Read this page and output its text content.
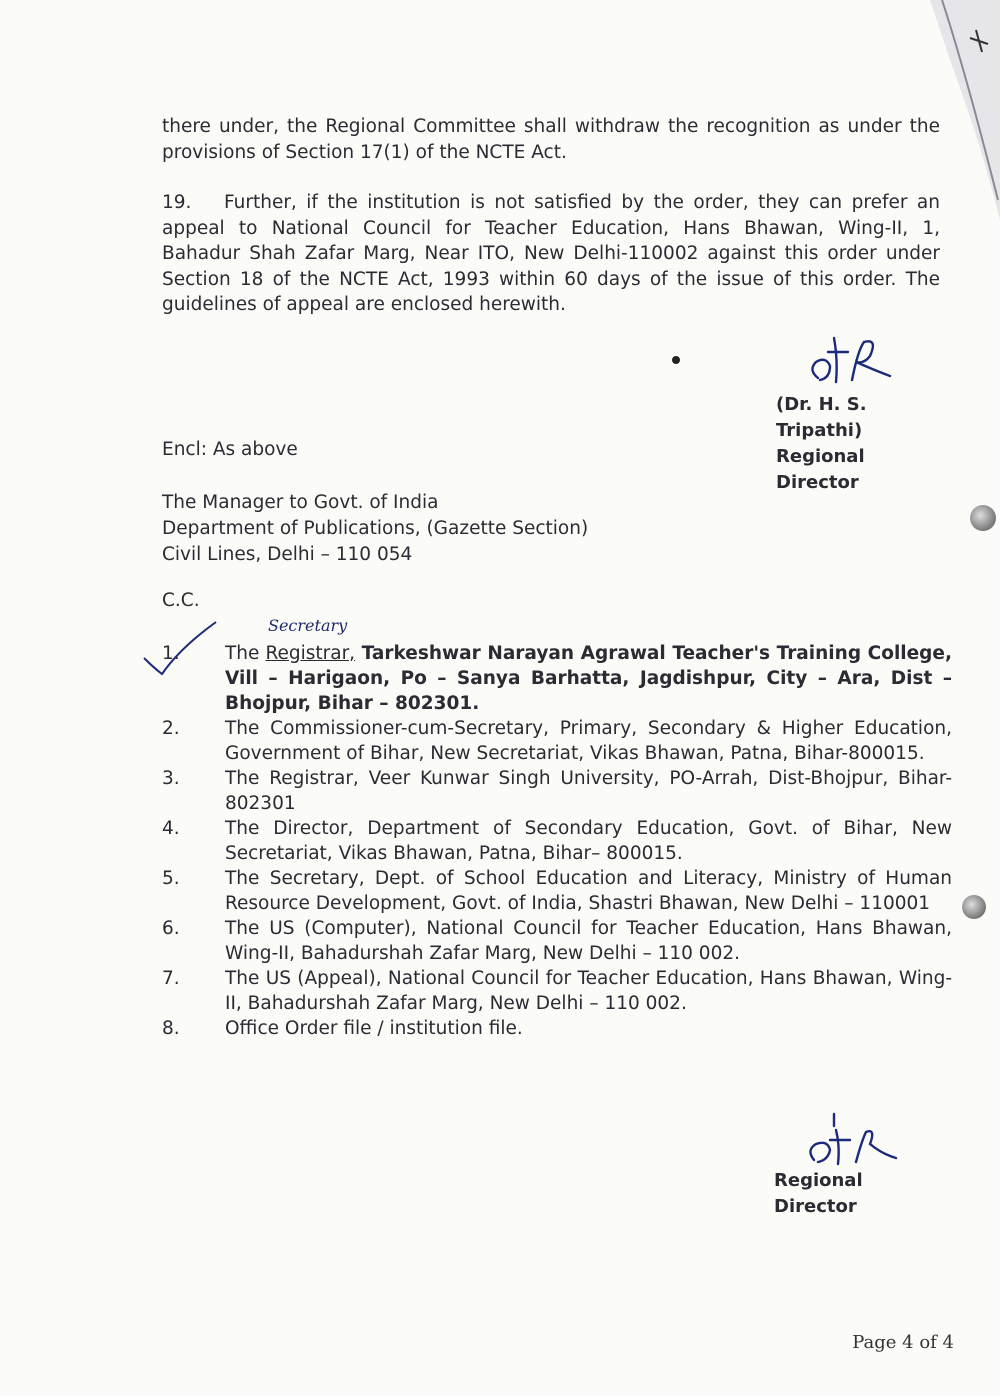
there under, the Regional Committee shall withdraw the recognition as under the provisions of Section 17(1) of the NCTE Act.
19. Further, if the institution is not satisfied by the order, they can prefer an appeal to National Council for Teacher Education, Hans Bhawan, Wing-II, 1, Bahadur Shah Zafar Marg, Near ITO, New Delhi-110002 against this order under Section 18 of the NCTE Act, 1993 within 60 days of the issue of this order. The guidelines of appeal are enclosed herewith.
(Dr. H. S. Tripathi)
Regional Director
Encl: As above
The Manager to Govt. of India
Department of Publications, (Gazette Section)
Civil Lines, Delhi – 110 054
C.C.
Secretary
1.	The Registrar, Tarkeshwar Narayan Agrawal Teacher's Training College, Vill – Harigaon, Po – Sanya Barhatta, Jagdishpur, City – Ara, Dist – Bhojpur, Bihar – 802301.
2.	The Commissioner-cum-Secretary, Primary, Secondary & Higher Education, Government of Bihar, New Secretariat, Vikas Bhawan, Patna, Bihar-800015.
3.	The Registrar, Veer Kunwar Singh University, PO-Arrah, Dist-Bhojpur, Bihar-802301
4.	The Director, Department of Secondary Education, Govt. of Bihar, New Secretariat, Vikas Bhawan, Patna, Bihar– 800015.
5.	The Secretary, Dept. of School Education and Literacy, Ministry of Human Resource Development, Govt. of India, Shastri Bhawan, New Delhi – 110001
6.	The US (Computer), National Council for Teacher Education, Hans Bhawan, Wing-II, Bahadurshah Zafar Marg, New Delhi – 110 002.
7.	The US (Appeal), National Council for Teacher Education, Hans Bhawan, Wing-II, Bahadurshah Zafar Marg, New Delhi – 110 002.
8.	Office Order file / institution file.
Regional Director
Page 4 of 4
